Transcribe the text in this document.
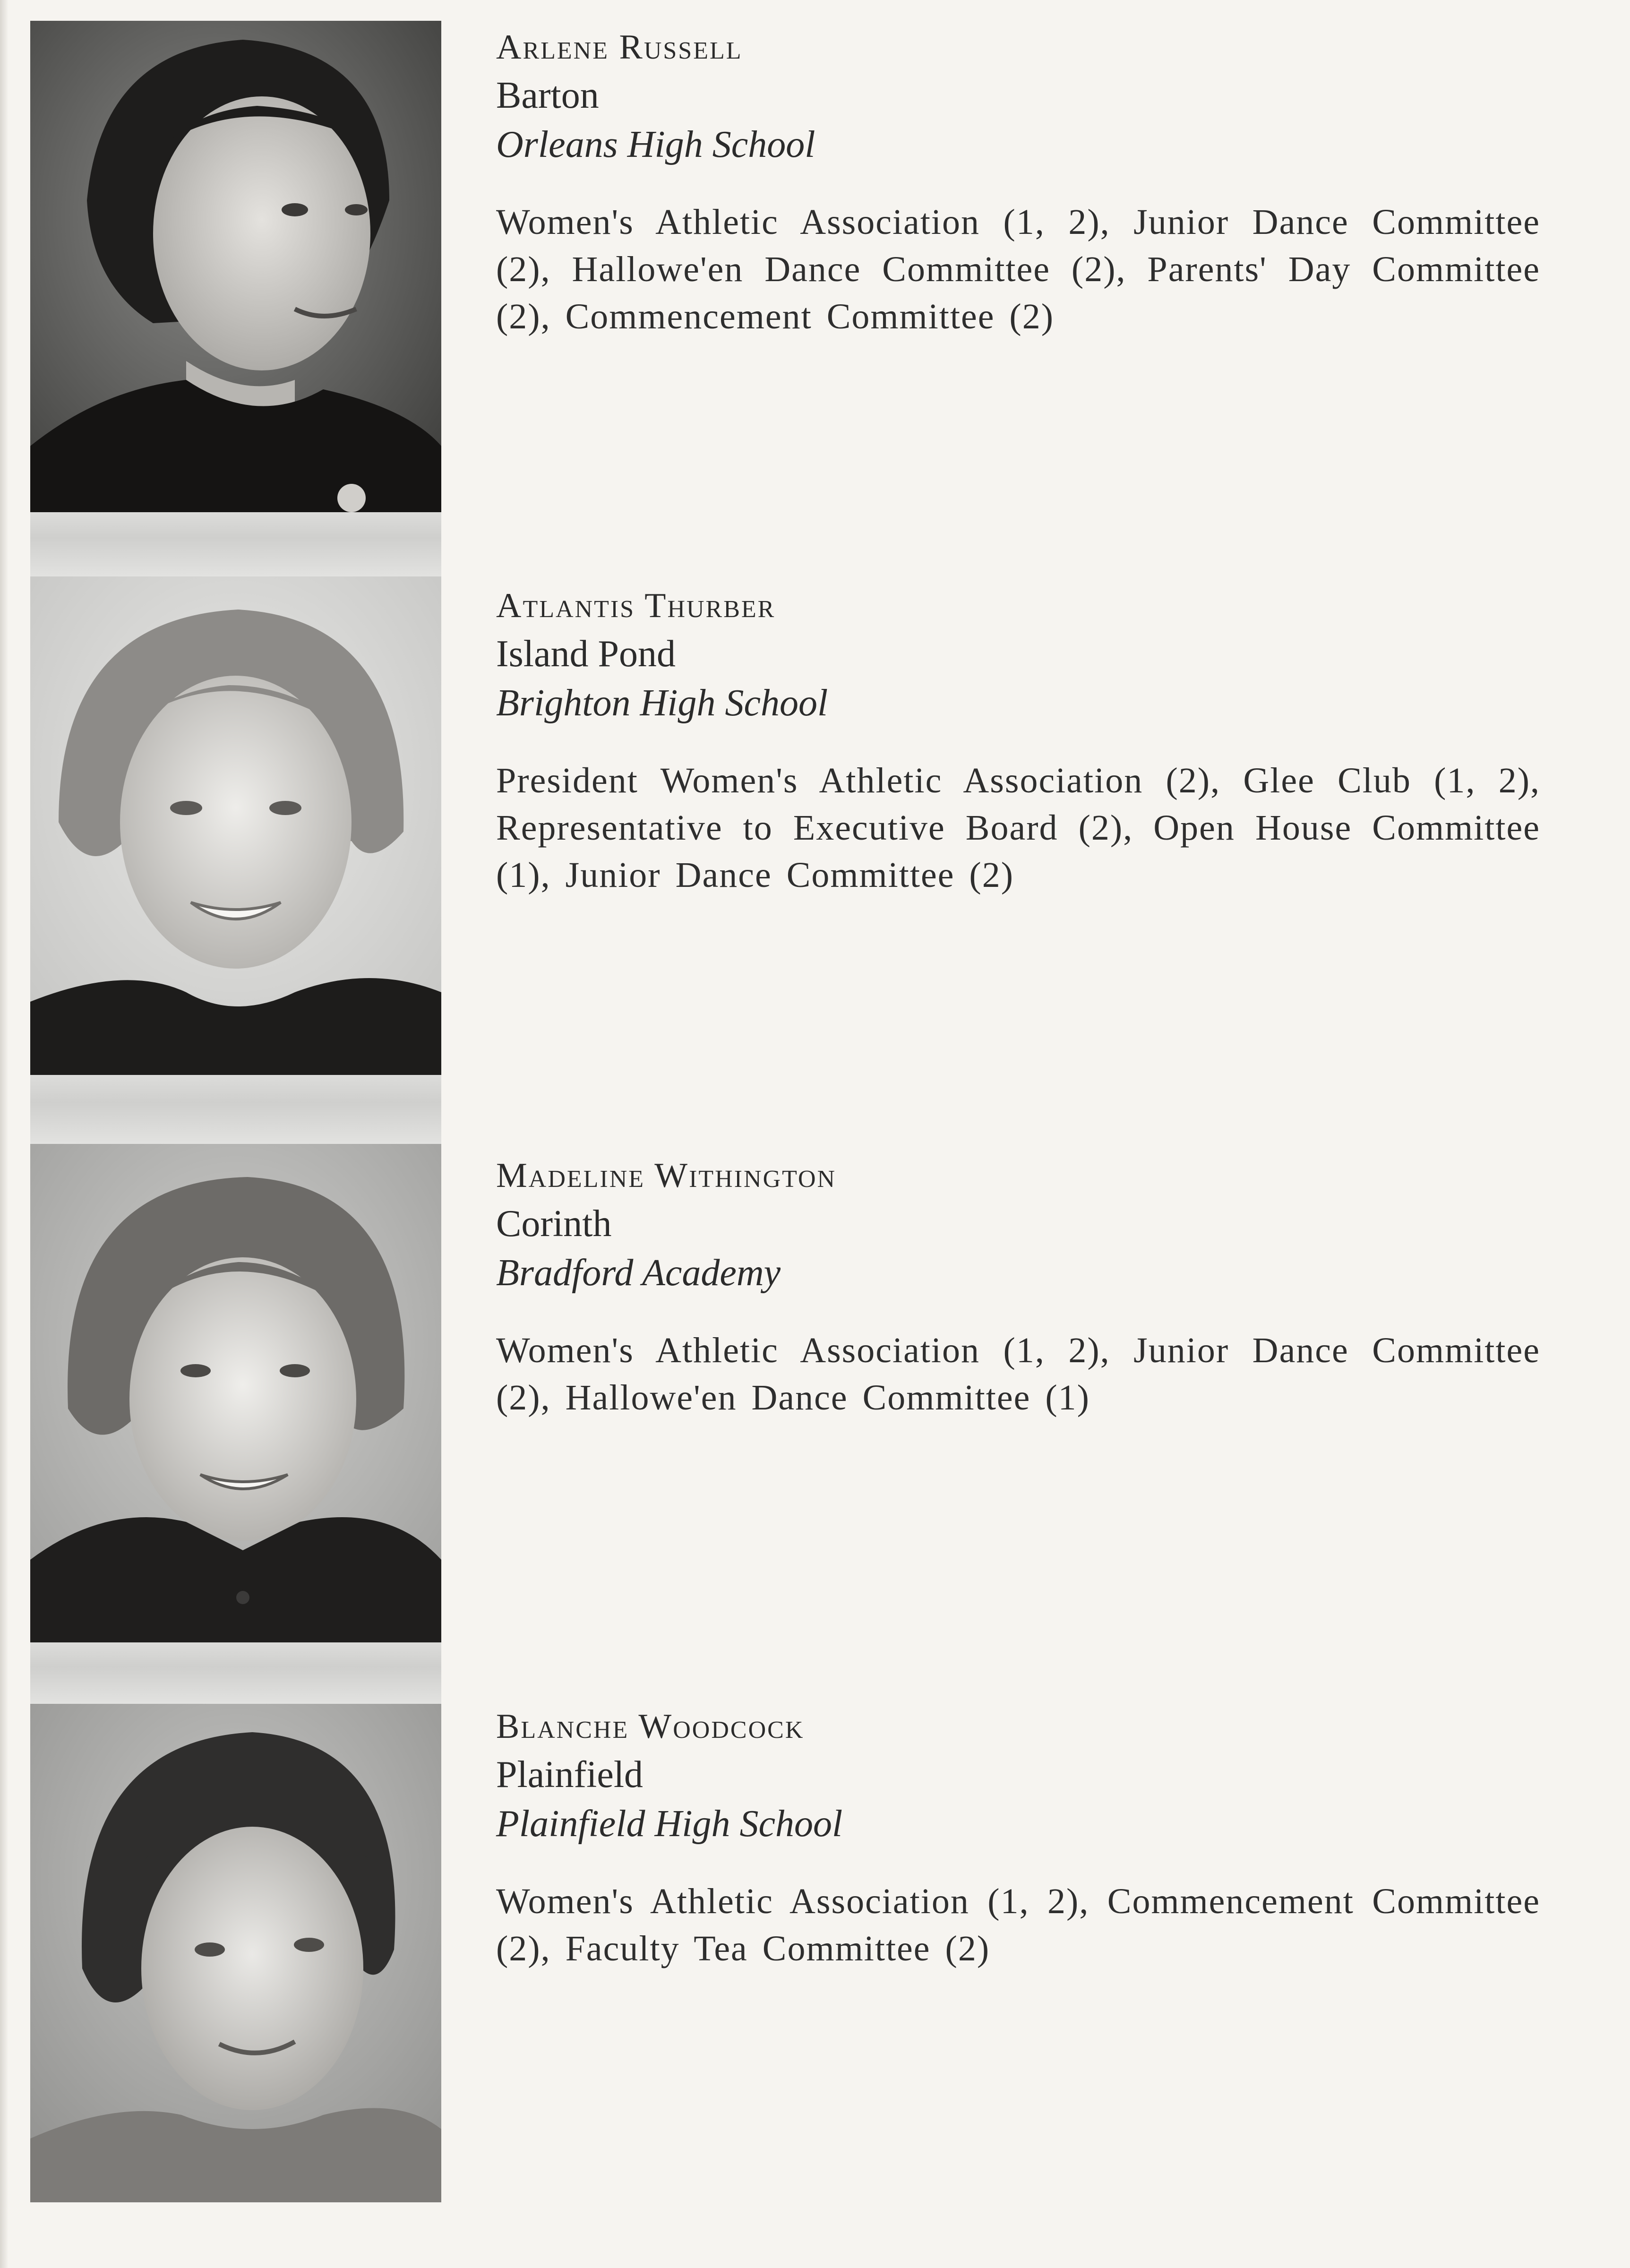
Arlene Russell
Barton
Orleans High School
Women's Athletic Association (1, 2), Junior Dance Committee (2), Hallowe'en Dance Committee (2), Parents' Day Committee (2), Commencement Committee (2)
Atlantis Thurber
Island Pond
Brighton High School
President Women's Athletic Association (2), Glee Club (1, 2), Representative to Executive Board (2), Open House Committee (1), Junior Dance Committee (2)
Madeline Withington
Corinth
Bradford Academy
Women's Athletic Association (1, 2), Junior Dance Committee (2), Hallowe'en Dance Committee (1)
Blanche Woodcock
Plainfield
Plainfield High School
Women's Athletic Association (1, 2), Commencement Committee (2), Faculty Tea Committee (2)
